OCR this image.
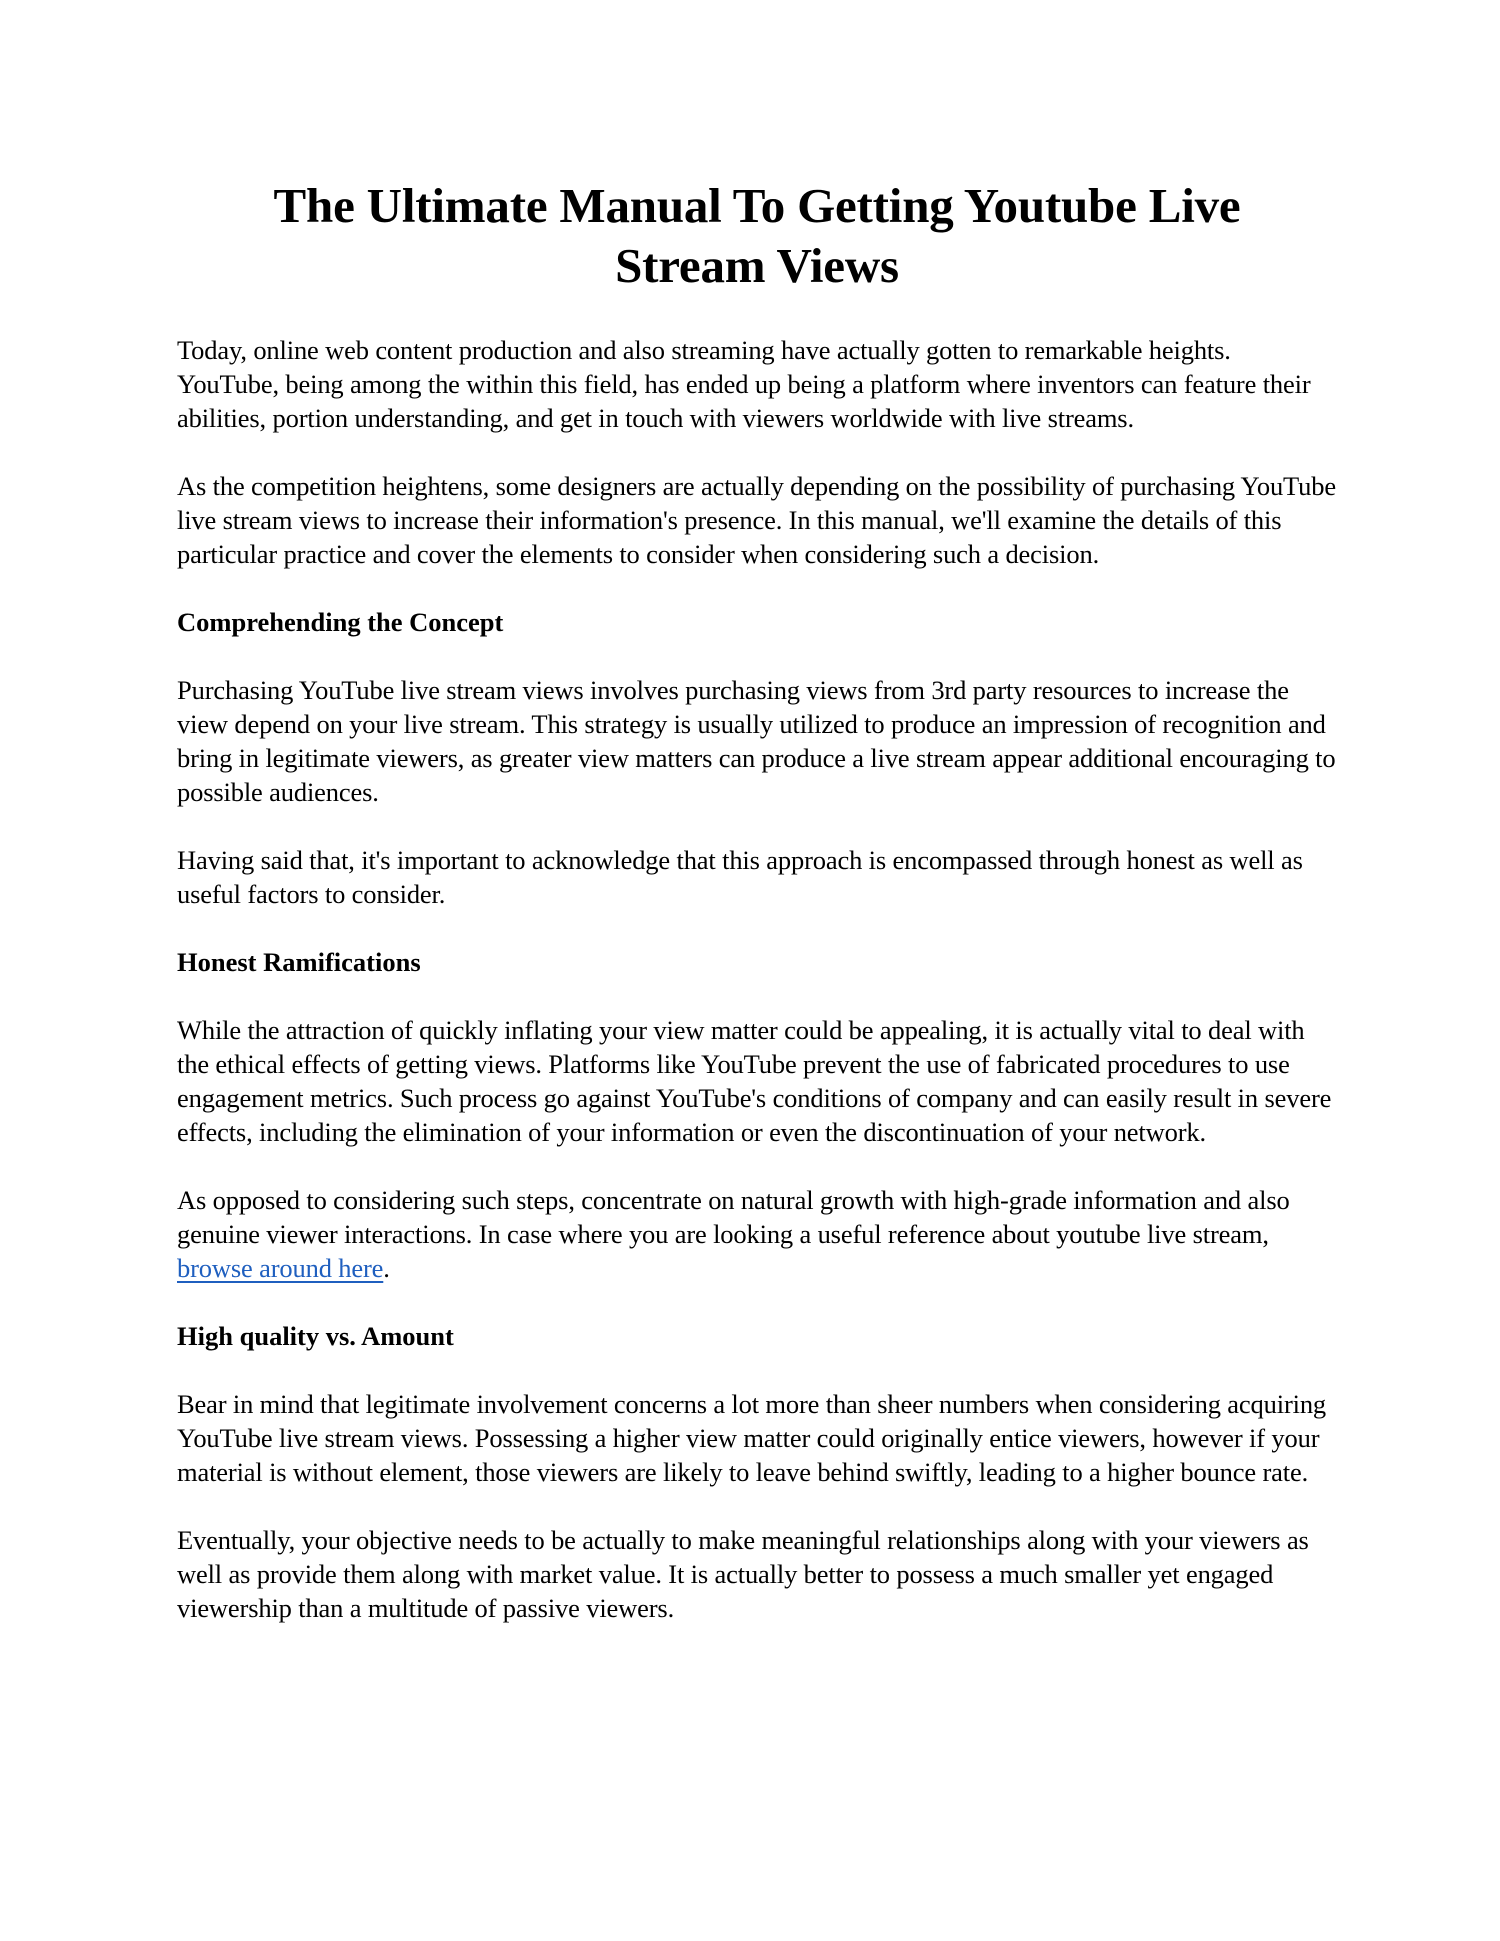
The Ultimate Manual To Getting Youtube Live Stream Views

Today, online web content production and also streaming have actually gotten to remarkable heights. YouTube, being among the within this field, has ended up being a platform where inventors can feature their abilities, portion understanding, and get in touch with viewers worldwide with live streams.

As the competition heightens, some designers are actually depending on the possibility of purchasing YouTube live stream views to increase their information's presence. In this manual, we'll examine the details of this particular practice and cover the elements to consider when considering such a decision.

Comprehending the Concept

Purchasing YouTube live stream views involves purchasing views from 3rd party resources to increase the view depend on your live stream. This strategy is usually utilized to produce an impression of recognition and bring in legitimate viewers, as greater view matters can produce a live stream appear additional encouraging to possible audiences.

Having said that, it's important to acknowledge that this approach is encompassed through honest as well as useful factors to consider.

Honest Ramifications

While the attraction of quickly inflating your view matter could be appealing, it is actually vital to deal with the ethical effects of getting views. Platforms like YouTube prevent the use of fabricated procedures to use engagement metrics. Such process go against YouTube's conditions of company and can easily result in severe effects, including the elimination of your information or even the discontinuation of your network.

As opposed to considering such steps, concentrate on natural growth with high-grade information and also genuine viewer interactions. In case where you are looking a useful reference about youtube live stream, browse around here.

High quality vs. Amount

Bear in mind that legitimate involvement concerns a lot more than sheer numbers when considering acquiring YouTube live stream views. Possessing a higher view matter could originally entice viewers, however if your material is without element, those viewers are likely to leave behind swiftly, leading to a higher bounce rate.

Eventually, your objective needs to be actually to make meaningful relationships along with your viewers as well as provide them along with market value. It is actually better to possess a much smaller yet engaged viewership than a multitude of passive viewers.
